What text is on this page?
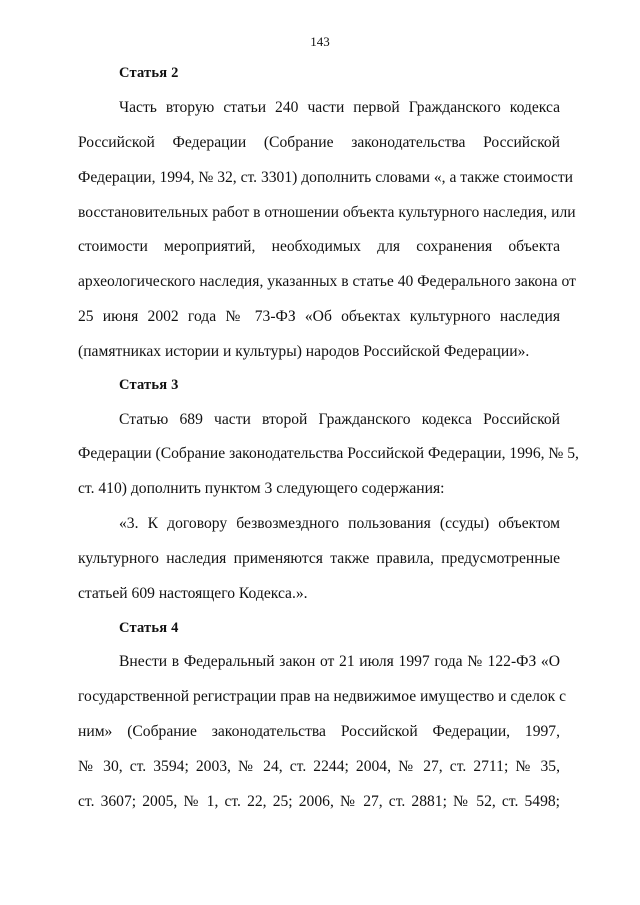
143
Статья 2
Часть вторую статьи 240 части первой Гражданского кодекса
Российской Федерации (Собрание законодательства Российской
Федерации, 1994, № 32, ст. 3301) дополнить словами «, а также стоимости
восстановительных работ в отношении объекта культурного наследия, или
стоимости мероприятий, необходимых для сохранения объекта
археологического наследия, указанных в статье 40 Федерального закона от
25 июня 2002 года № 73-ФЗ «Об объектах культурного наследия
(памятниках истории и культуры) народов Российской Федерации».
Статья 3
Статью 689 части второй Гражданского кодекса Российской
Федерации (Собрание законодательства Российской Федерации, 1996, № 5,
ст. 410) дополнить пунктом 3 следующего содержания:
«3. К договору безвозмездного пользования (ссуды) объектом
культурного наследия применяются также правила, предусмотренные
статьей 609 настоящего Кодекса.».
Статья 4
Внести в Федеральный закон от 21 июля 1997 года № 122-ФЗ «О
государственной регистрации прав на недвижимое имущество и сделок с
ним» (Собрание законодательства Российской Федерации, 1997,
№ 30, ст. 3594; 2003, № 24, ст. 2244; 2004, № 27, ст. 2711; № 35,
ст. 3607; 2005, № 1, ст. 22, 25; 2006, № 27, ст. 2881; № 52, ст. 5498;
